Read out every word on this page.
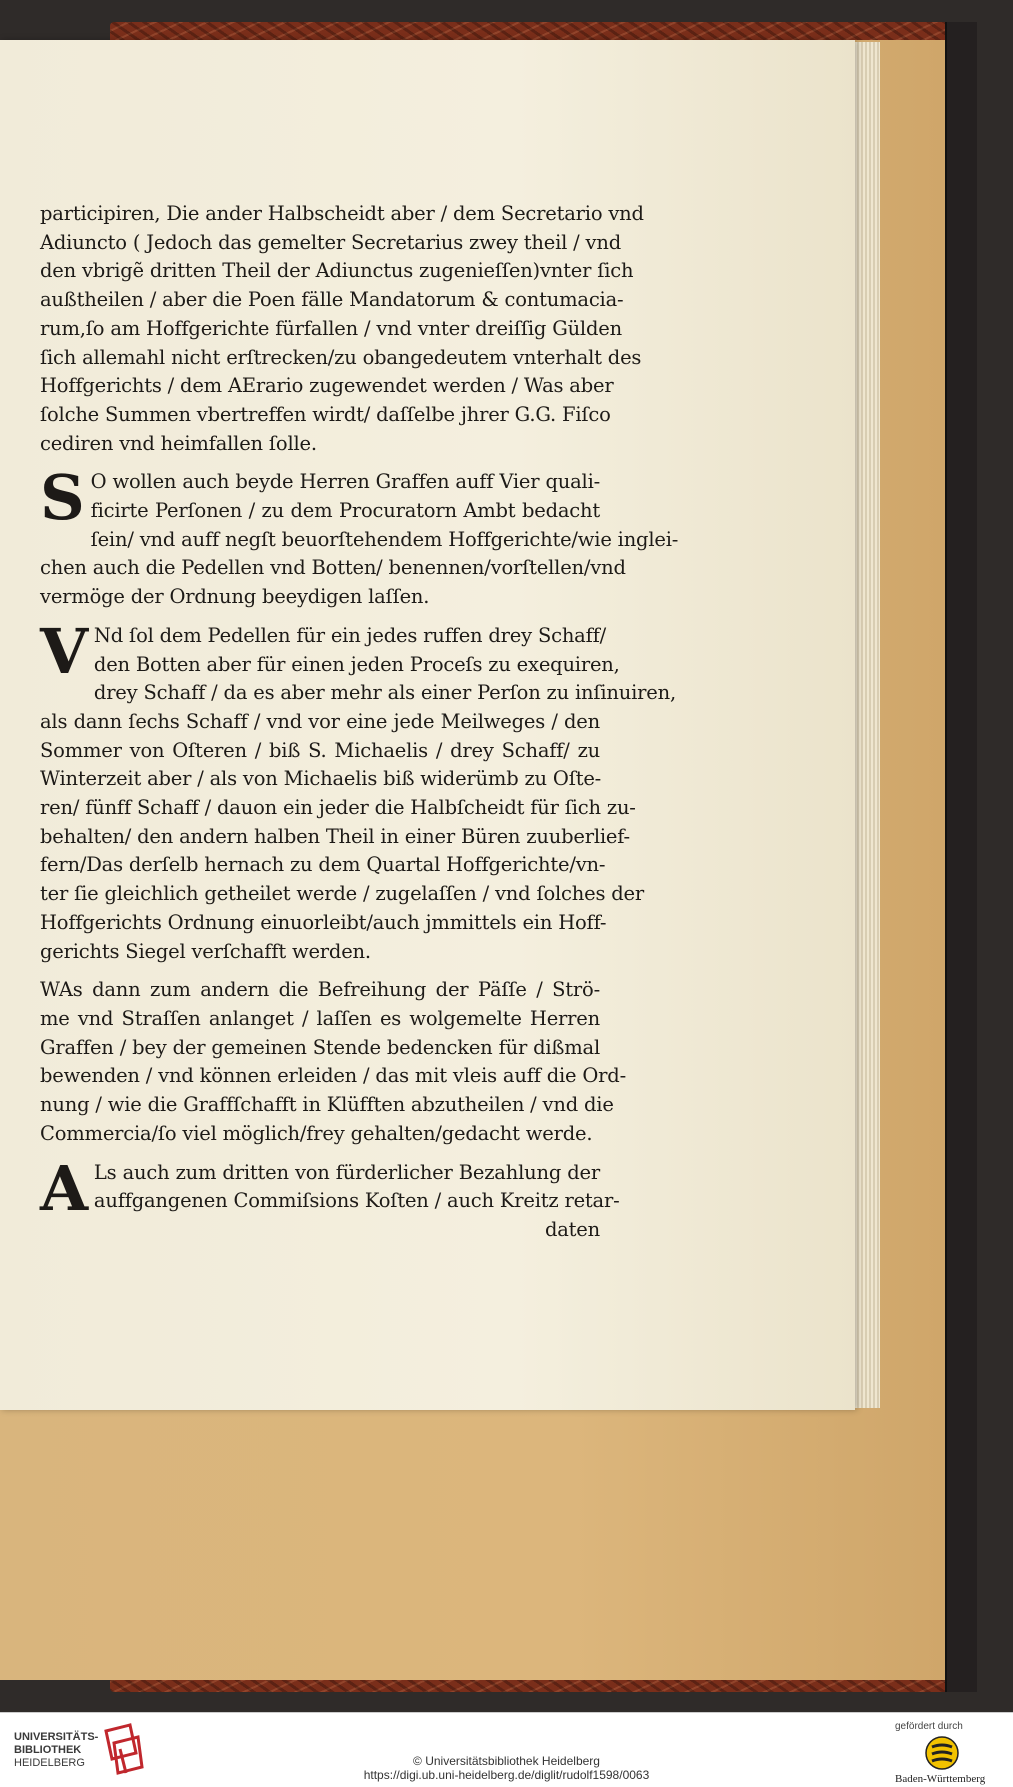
participiren, Die ander Halbscheidt aber / dem Secretario vnd
Adiuncto ( Jedoch das gemelter Secretarius zwey theil / vnd
den vbrigẽ dritten Theil der Adiunctus zugenieſſen)vnter ſich
außtheilen / aber die Poen fälle Mandatorum & contumacia-
rum,ſo am Hoffgerichte fürfallen / vnd vnter dreiſſig Gülden
ſich allemahl nicht erſtrecken/zu obangedeutem vnterhalt des
Hoffgerichts / dem AErario zugewendet werden / Was aber
ſolche Summen vbertreffen wirdt/ daſſelbe jhrer G.G. Fiſco
cediren vnd heimfallen ſolle.
S O wollen auch beyde Herren Graffen auff Vier quali-
ficirte Perſonen / zu dem Procuratorn Ambt bedacht
ſein/ vnd auff negſt beuorſtehendem Hoffgerichte/wie inglei-
chen auch die Pedellen vnd Botten/ benennen/vorſtellen/vnd
vermöge der Ordnung beeydigen laſſen.
V Nd ſol dem Pedellen für ein jedes ruffen drey Schaff/
den Botten aber für einen jeden Proceſs zu exequiren,
drey Schaff / da es aber mehr als einer Perſon zu inſinuiren,
als dann ſechs Schaff / vnd vor eine jede Meilweges / den
Sommer von Oſteren / biß S. Michaelis / drey Schaff/ zu
Winterzeit aber / als von Michaelis biß widerümb zu Oſte-
ren/ fünff Schaff / dauon ein jeder die Halbſcheidt für ſich zu-
behalten/ den andern halben Theil in einer Büren zuuberlief-
fern/Das derſelb hernach zu dem Quartal Hoffgerichte/vn-
ter ſie gleichlich getheilet werde / zugelaſſen / vnd ſolches der
Hoffgerichts Ordnung einuorleibt/auch jmmittels ein Hoff-
gerichts Siegel verſchafft werden.
WAs dann zum andern die Befreihung der Päſſe / Strö-
me vnd Straſſen anlanget / laſſen es wolgemelte Herren
Graffen / bey der gemeinen Stende bedencken für dißmal
bewenden / vnd können erleiden / das mit vleis auff die Ord-
nung / wie die Graffſchafft in Klüfften abzutheilen / vnd die
Commercia/ſo viel möglich/frey gehalten/gedacht werde.
A Ls auch zum dritten von fürderlicher Bezahlung der
auffgangenen Commiſsions Koſten / auch Kreitz retar-
daten
UNIVERSITÄTS-
BIBLIOTHEK
HEIDELBERG	© Universitätsbibliothek Heidelberg
https://digi.ub.uni-heidelberg.de/diglit/rudolf1598/0063
gefördert durch
Baden-Württemberg
